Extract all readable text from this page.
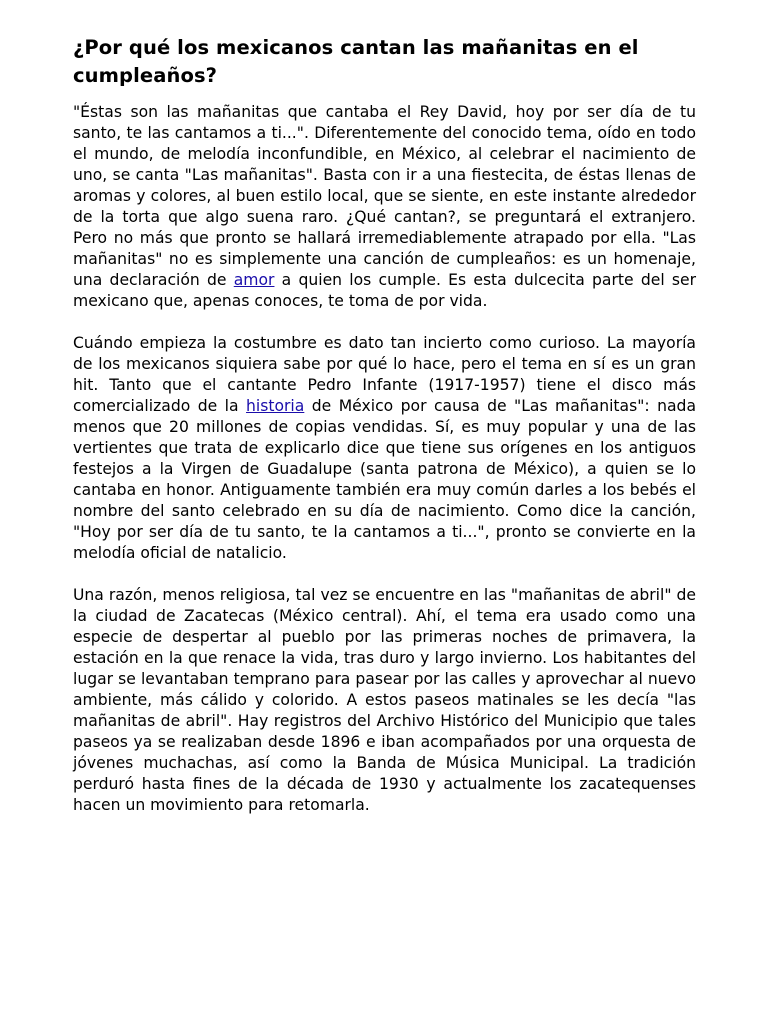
¿Por qué los mexicanos cantan las mañanitas en el cumpleaños?

"Éstas son las mañanitas que cantaba el Rey David, hoy por ser día de tu santo, te las cantamos a ti...". Diferentemente del conocido tema, oído en todo el mundo, de melodía inconfundible, en México, al celebrar el nacimiento de uno, se canta "Las mañanitas". Basta con ir a una fiestecita, de éstas llenas de aromas y colores, al buen estilo local, que se siente, en este instante alrededor de la torta que algo suena raro. ¿Qué cantan?, se preguntará el extranjero. Pero no más que pronto se hallará irremediablemente atrapado por ella. "Las mañanitas" no es simplemente una canción de cumpleaños: es un homenaje, una declaración de amor a quien los cumple. Es esta dulcecita parte del ser mexicano que, apenas conoces, te toma de por vida.

Cuándo empieza la costumbre es dato tan incierto como curioso. La mayoría de los mexicanos siquiera sabe por qué lo hace, pero el tema en sí es un gran hit. Tanto que el cantante Pedro Infante (1917-1957) tiene el disco más comercializado de la historia de México por causa de "Las mañanitas": nada menos que 20 millones de copias vendidas. Sí, es muy popular y una de las vertientes que trata de explicarlo dice que tiene sus orígenes en los antiguos festejos a la Virgen de Guadalupe (santa patrona de México), a quien se lo cantaba en honor. Antiguamente también era muy común darles a los bebés el nombre del santo celebrado en su día de nacimiento. Como dice la canción, "Hoy por ser día de tu santo, te la cantamos a ti...", pronto se convierte en la melodía oficial de natalicio.

Una razón, menos religiosa, tal vez se encuentre en las "mañanitas de abril" de la ciudad de Zacatecas (México central). Ahí, el tema era usado como una especie de despertar al pueblo por las primeras noches de primavera, la estación en la que renace la vida, tras duro y largo invierno. Los habitantes del lugar se levantaban temprano para pasear por las calles y aprovechar al nuevo ambiente, más cálido y colorido. A estos paseos matinales se les decía "las mañanitas de abril". Hay registros del Archivo Histórico del Municipio que tales paseos ya se realizaban desde 1896 e iban acompañados por una orquesta de jóvenes muchachas, así como la Banda de Música Municipal. La tradición perduró hasta fines de la década de 1930 y actualmente los zacatequenses hacen un movimiento para retomarla.
